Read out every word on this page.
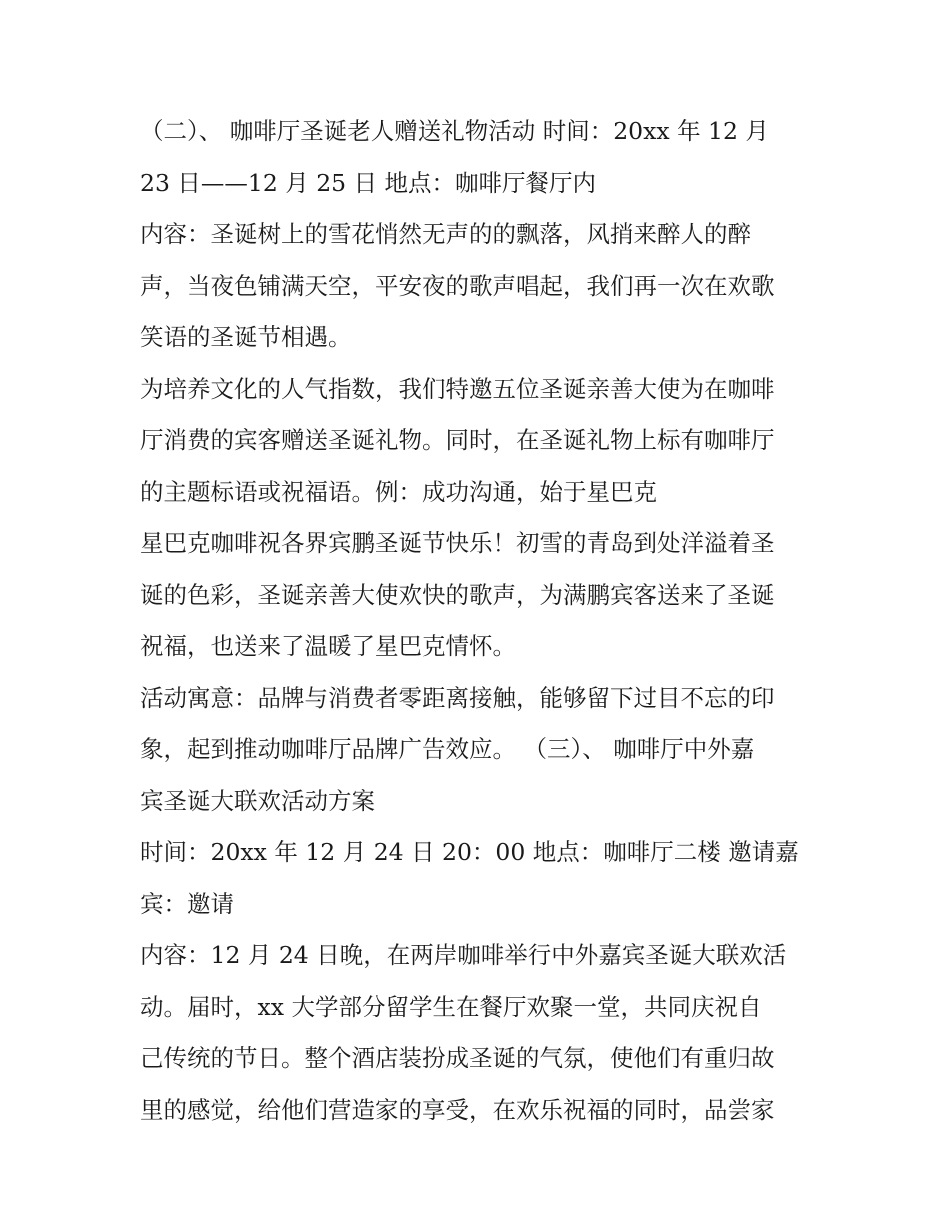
（二）、 咖啡厅圣诞老人赠送礼物活动 时间：20xx 年 12 月
23 日——12 月 25 日 地点：咖啡厅餐厅内
内容：圣诞树上的雪花悄然无声的的飘落，风捎来醉人的醉
声，当夜色铺满天空，平安夜的歌声唱起，我们再一次在欢歌
笑语的圣诞节相遇。
为培养文化的人气指数，我们特邀五位圣诞亲善大使为在咖啡
厅消费的宾客赠送圣诞礼物。同时，在圣诞礼物上标有咖啡厅
的主题标语或祝福语。例：成功沟通，始于星巴克
星巴克咖啡祝各界宾鹏圣诞节快乐！初雪的青岛到处洋溢着圣
诞的色彩，圣诞亲善大使欢快的歌声，为满鹏宾客送来了圣诞
祝福，也送来了温暖了星巴克情怀。
活动寓意：品牌与消费者零距离接触，能够留下过目不忘的印
象，起到推动咖啡厅品牌广告效应。 （三）、 咖啡厅中外嘉
宾圣诞大联欢活动方案
时间：20xx 年 12 月 24 日 20：00 地点：咖啡厅二楼 邀请嘉
宾：邀请
内容：12 月 24 日晚，在两岸咖啡举行中外嘉宾圣诞大联欢活
动。届时，xx 大学部分留学生在餐厅欢聚一堂，共同庆祝自
己传统的节日。整个酒店装扮成圣诞的气氛，使他们有重归故
里的感觉，给他们营造家的享受，在欢乐祝福的同时，品尝家
